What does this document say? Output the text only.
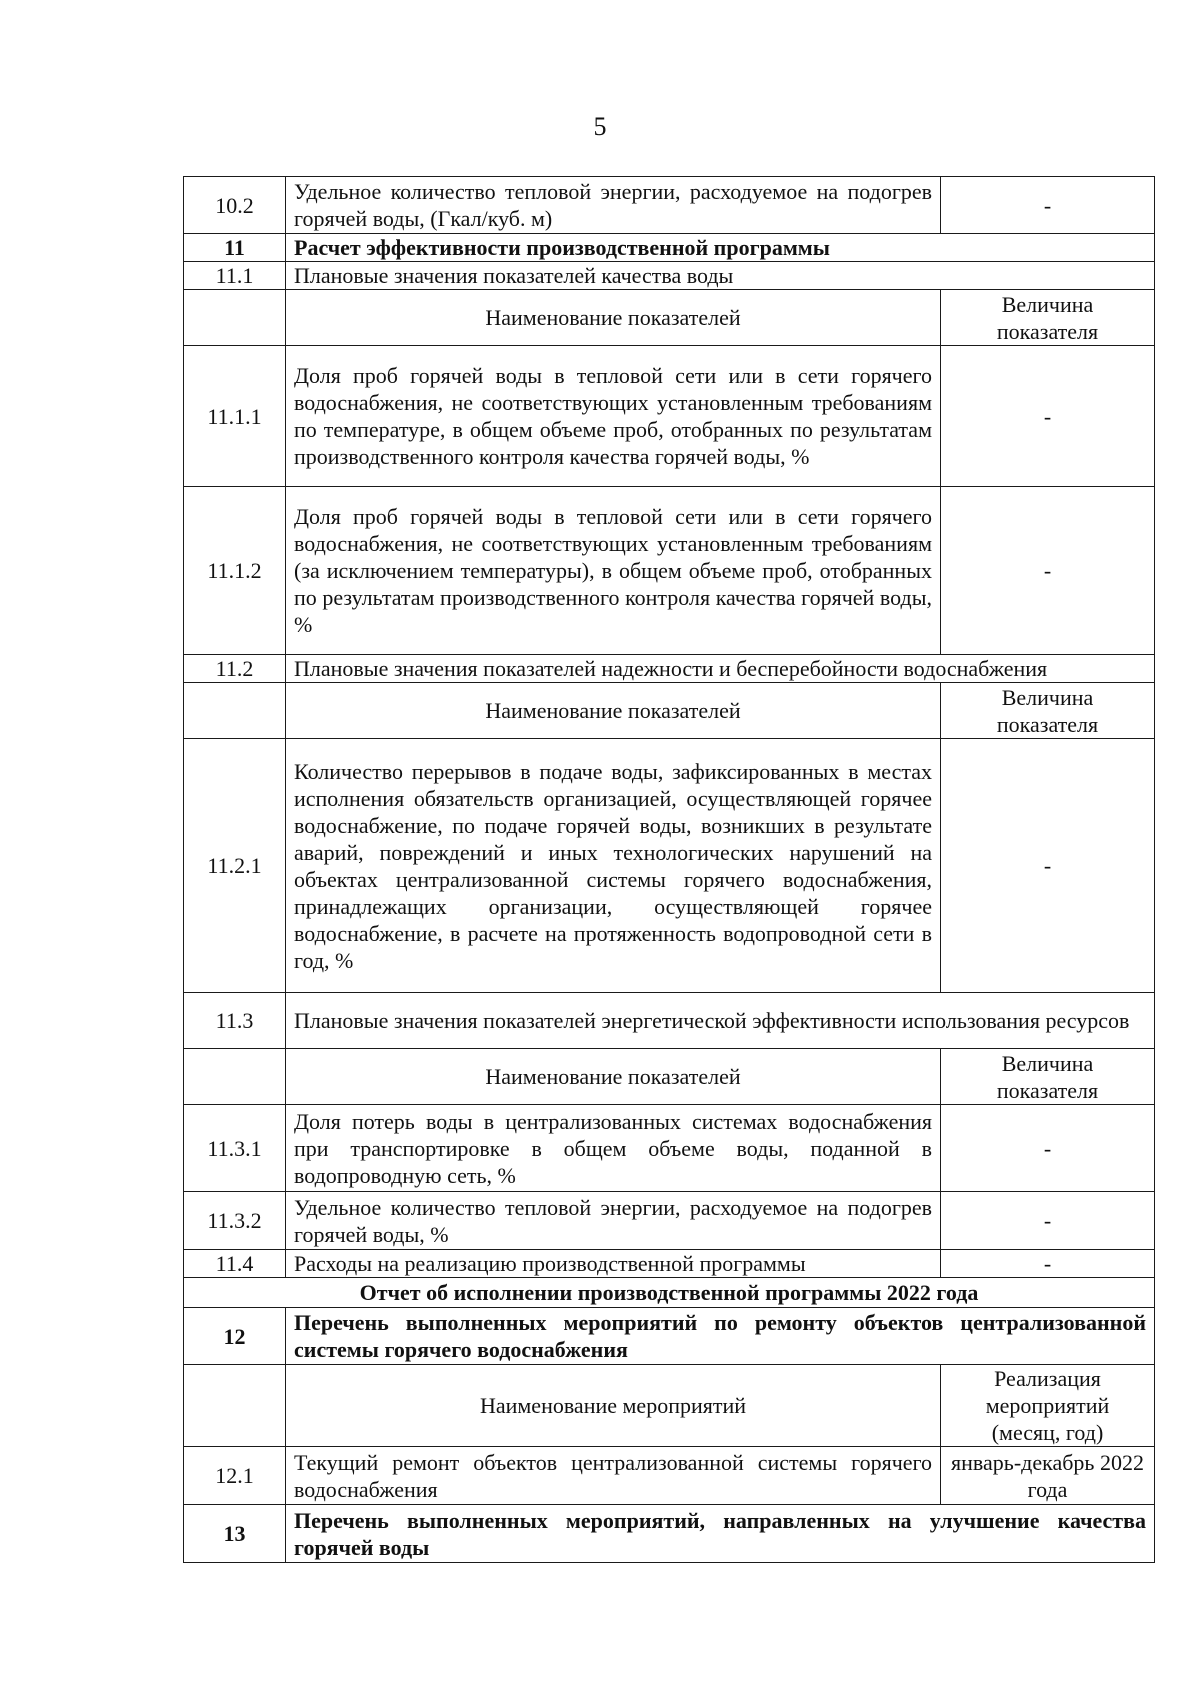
5
10.2	Удельное количество тепловой энергии, расходуемое на подогрев горячей воды, (Гкал/куб. м)	-
11	Расчет эффективности производственной программы	
11.1	Плановые значения показателей качества воды	
	Наименование показателей	Величина показателя
11.1.1	Доля проб горячей воды в тепловой сети или в сети горячего водоснабжения, не соответствующих установленным требованиям по температуре, в общем объеме проб, отобранных по результатам производственного контроля качества горячей воды, %	-
11.1.2	Доля проб горячей воды в тепловой сети или в сети горячего водоснабжения, не соответствующих установленным требованиям (за исключением температуры), в общем объеме проб, отобранных по результатам производственного контроля качества горячей воды, %	-
11.2	Плановые значения показателей надежности и бесперебойности водоснабжения	
	Наименование показателей	Величина показателя
11.2.1	Количество перерывов в подаче воды, зафиксированных в местах исполнения обязательств организацией, осуществляющей горячее водоснабжение, по подаче горячей воды, возникших в результате аварий, повреждений и иных технологических нарушений на объектах централизованной системы горячего водоснабжения, принадлежащих организации, осуществляющей горячее водоснабжение, в расчете на протяженность водопроводной сети в год, %	-
11.3	Плановые значения показателей энергетической эффективности использования ресурсов	
	Наименование показателей	Величина показателя
11.3.1	Доля потерь воды в централизованных системах водоснабжения при транспортировке в общем объеме воды, поданной в водопроводную сеть, %	-
11.3.2	Удельное количество тепловой энергии, расходуемое на подогрев горячей воды, %	-
11.4	Расходы на реализацию производственной программы	-
Отчет об исполнении производственной программы 2022 года		
12	Перечень выполненных мероприятий по ремонту объектов централизованной системы горячего водоснабжения	
	Наименование мероприятий	Реализация мероприятий (месяц, год)
12.1	Текущий ремонт объектов централизованной системы горячего водоснабжения	январь-декабрь 2022 года
13	Перечень выполненных мероприятий, направленных на улучшение качества горячей воды	
